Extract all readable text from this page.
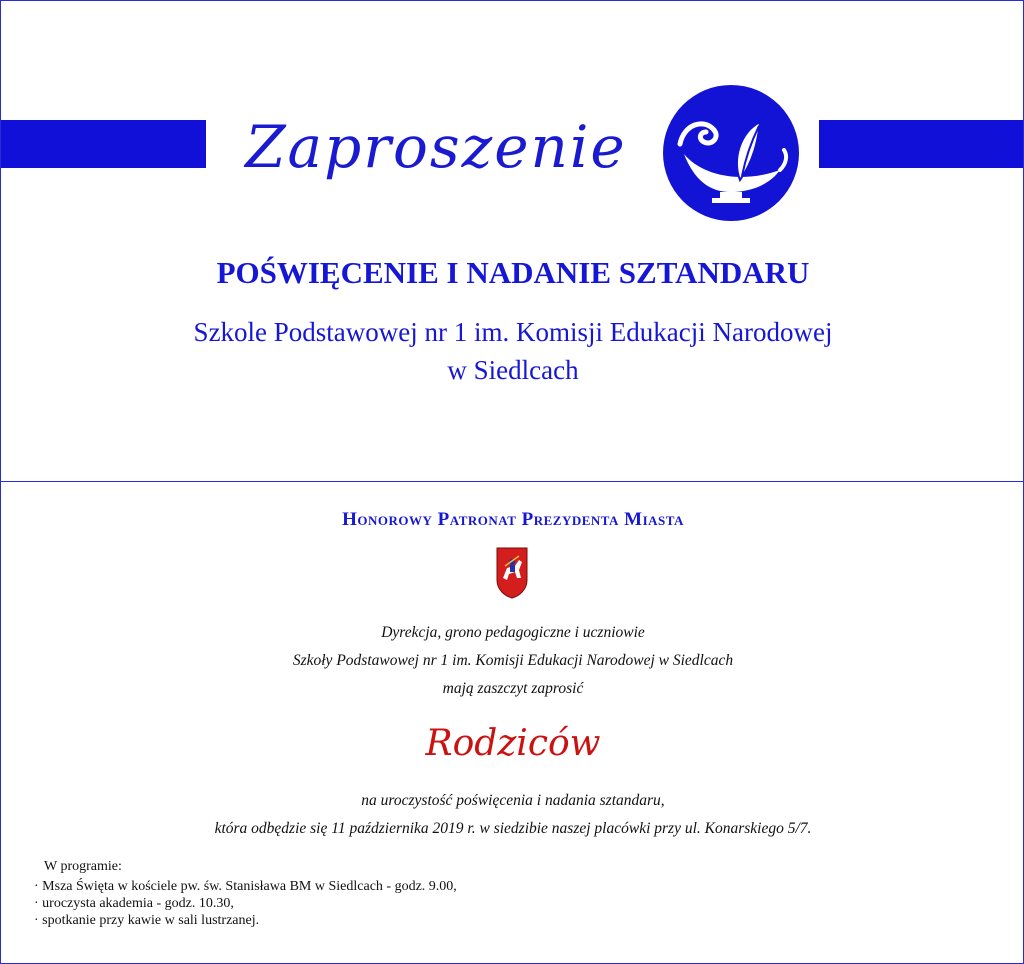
Zaproszenie
POŚWIĘCENIE I NADANIE SZTANDARU
Szkole Podstawowej nr 1 im. Komisji Edukacji Narodowej
w Siedlcach
Honorowy Patronat Prezydenta Miasta
Dyrekcja, grono pedagogiczne i uczniowie
Szkoły Podstawowej nr 1 im. Komisji Edukacji Narodowej w Siedlcach
mają zaszczyt zaprosić
Rodziców
na uroczystość poświęcenia i nadania sztandaru,
która odbędzie się 11 października 2019 r. w siedzibie naszej placówki przy ul. Konarskiego 5/7.
W programie:
· Msza Święta w kościele pw. św. Stanisława BM w Siedlcach - godz. 9.00,
· uroczysta akademia - godz. 10.30,
· spotkanie przy kawie w sali lustrzanej.
